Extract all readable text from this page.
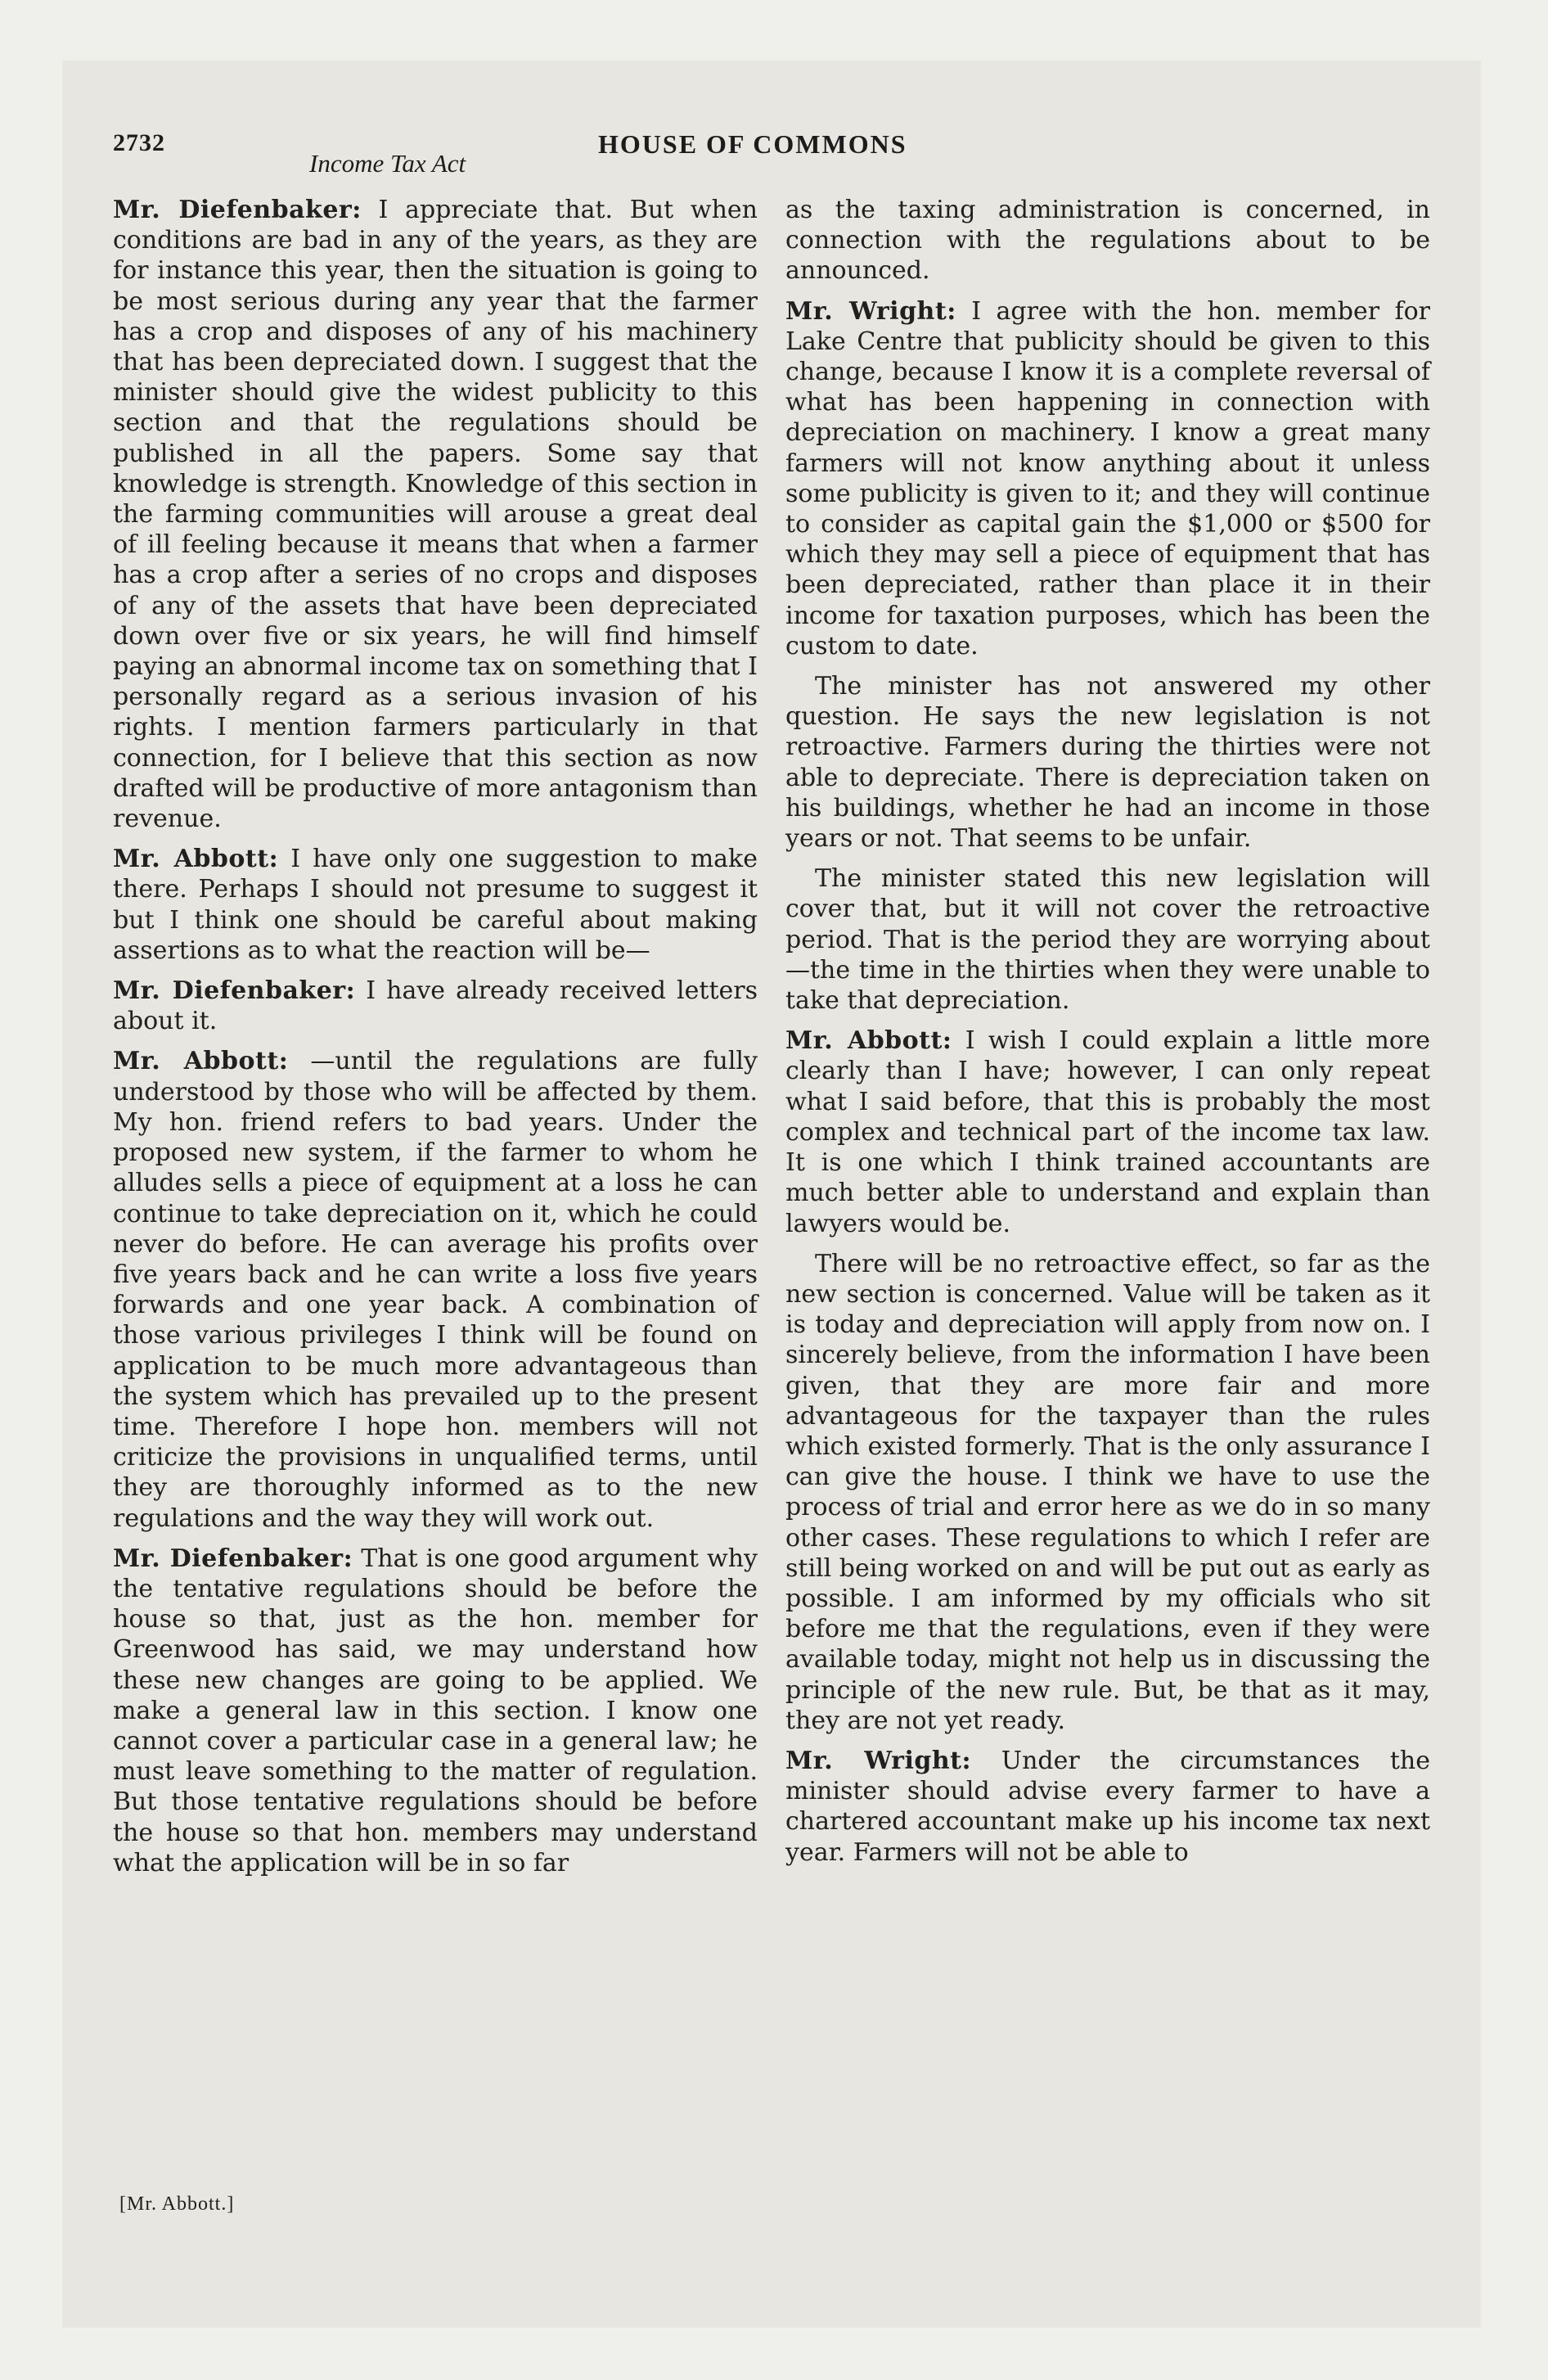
2732	HOUSE OF COMMONS
Income Tax Act

Mr. Diefenbaker: I appreciate that. But when conditions are bad in any of the years, as they are for instance this year, then the situation is going to be most serious during any year that the farmer has a crop and disposes of any of his machinery that has been depreciated down. I suggest that the minister should give the widest publicity to this section and that the regulations should be published in all the papers. Some say that knowledge is strength. Knowledge of this section in the farming communities will arouse a great deal of ill feeling because it means that when a farmer has a crop after a series of no crops and disposes of any of the assets that have been depreciated down over five or six years, he will find himself paying an abnormal income tax on something that I personally regard as a serious invasion of his rights. I mention farmers particularly in that connection, for I believe that this section as now drafted will be productive of more antagonism than revenue.

Mr. Abbott: I have only one suggestion to make there. Perhaps I should not presume to suggest it but I think one should be careful about making assertions as to what the reaction will be—

Mr. Diefenbaker: I have already received letters about it.

Mr. Abbott: —until the regulations are fully understood by those who will be affected by them. My hon. friend refers to bad years. Under the proposed new system, if the farmer to whom he alludes sells a piece of equipment at a loss he can continue to take depreciation on it, which he could never do before. He can average his profits over five years back and he can write a loss five years forwards and one year back. A combination of those various privileges I think will be found on application to be much more advantageous than the system which has prevailed up to the present time. Therefore I hope hon. members will not criticize the provisions in unqualified terms, until they are thoroughly informed as to the new regulations and the way they will work out.

Mr. Diefenbaker: That is one good argument why the tentative regulations should be before the house so that, just as the hon. member for Greenwood has said, we may understand how these new changes are going to be applied. We make a general law in this section. I know one cannot cover a particular case in a general law; he must leave something to the matter of regulation. But those tentative regulations should be before the house so that hon. members may understand what the application will be in so far

as the taxing administration is concerned, in connection with the regulations about to be announced.

Mr. Wright: I agree with the hon. member for Lake Centre that publicity should be given to this change, because I know it is a complete reversal of what has been happening in connection with depreciation on machinery. I know a great many farmers will not know anything about it unless some publicity is given to it; and they will continue to consider as capital gain the $1,000 or $500 for which they may sell a piece of equipment that has been depreciated, rather than place it in their income for taxation purposes, which has been the custom to date.

The minister has not answered my other question. He says the new legislation is not retroactive. Farmers during the thirties were not able to depreciate. There is depreciation taken on his buildings, whether he had an income in those years or not. That seems to be unfair.

The minister stated this new legislation will cover that, but it will not cover the retroactive period. That is the period they are worrying about—the time in the thirties when they were unable to take that depreciation.

Mr. Abbott: I wish I could explain a little more clearly than I have; however, I can only repeat what I said before, that this is probably the most complex and technical part of the income tax law. It is one which I think trained accountants are much better able to understand and explain than lawyers would be.

There will be no retroactive effect, so far as the new section is concerned. Value will be taken as it is today and depreciation will apply from now on. I sincerely believe, from the information I have been given, that they are more fair and more advantageous for the taxpayer than the rules which existed formerly. That is the only assurance I can give the house. I think we have to use the process of trial and error here as we do in so many other cases. These regulations to which I refer are still being worked on and will be put out as early as possible. I am informed by my officials who sit before me that the regulations, even if they were available today, might not help us in discussing the principle of the new rule. But, be that as it may, they are not yet ready.

Mr. Wright: Under the circumstances the minister should advise every farmer to have a chartered accountant make up his income tax next year. Farmers will not be able to

[Mr. Abbott.]
